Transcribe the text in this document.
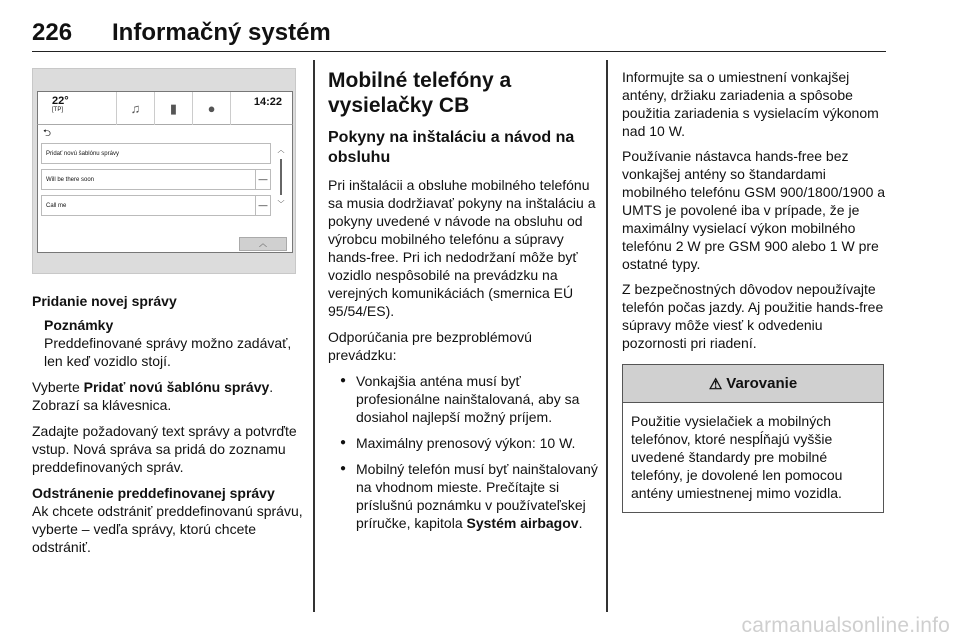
226	Informačný systém
22°
[TP]	♫	▮	●	14:22
⮌
Pridať novú šablónu správy
Will be there soon	—
Call me	—
︿
﹀
︿
Pridanie novej správy
Poznámky
Preddefinované správy možno zadávať, len keď vozidlo stojí.
Vyberte Pridať novú šablónu správy. Zobrazí sa klávesnica.
Zadajte požadovaný text správy a potvrďte vstup. Nová správa sa pridá do zoznamu preddefinovaných správ.
Odstránenie preddefinovanej správy
Ak chcete odstrániť preddefinovanú správu, vyberte – vedľa správy, ktorú chcete odstrániť.
Mobilné telefóny a vysielačky CB
Pokyny na inštaláciu a návod na obsluhu
Pri inštalácii a obsluhe mobilného telefónu sa musia dodržiavať pokyny na inštaláciu a pokyny uvedené v návode na obsluhu od výrobcu mobilného telefónu a súpravy hands-free. Pri ich nedodržaní môže byť vozidlo nespôsobilé na prevádzku na verejných komunikáciách (smernica EÚ 95/54/ES).
Odporúčania pre bezproblémovú prevádzku:
● Vonkajšia anténa musí byť profesionálne nainštalovaná, aby sa dosiahol najlepší možný príjem.
● Maximálny prenosový výkon: 10 W.
● Mobilný telefón musí byť nainštalovaný na vhodnom mieste. Prečítajte si príslušnú poznámku v používateľskej príručke, kapitola Systém airbagov.
Informujte sa o umiestnení vonkajšej antény, držiaku zariadenia a spôsobe použitia zariadenia s vysielacím výkonom nad 10 W.
Používanie nástavca hands-free bez vonkajšej antény so štandardami mobilného telefónu GSM 900/1800/1900 a UMTS je povolené iba v prípade, že je maximálny vysielací výkon mobilného telefónu 2 W pre GSM 900 alebo 1 W pre ostatné typy.
Z bezpečnostných dôvodov nepoužívajte telefón počas jazdy. Aj použitie hands-free súpravy môže viesť k odvedeniu pozornosti pri riadení.
⚠ Varovanie
Použitie vysielačiek a mobilných telefónov, ktoré nespĺňajú vyššie uvedené štandardy pre mobilné telefóny, je dovolené len pomocou antény umiestnenej mimo vozidla.
carmanualsonline.info
